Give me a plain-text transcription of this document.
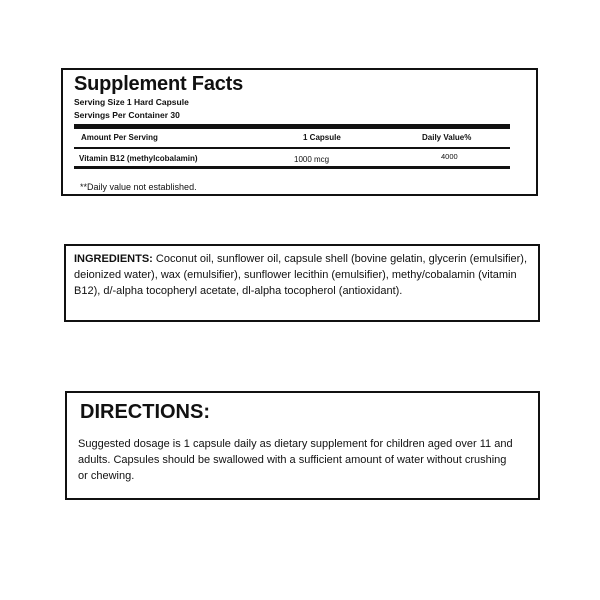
Supplement Facts
Serving Size 1 Hard Capsule
Servings Per Container 30
Amount Per Serving	1 Capsule	Daily Value%
Vitamin B12 (methylcobalamin)	1000 mcg	4000
**Daily value not established.
INGREDIENTS: Coconut oil, sunflower oil, capsule shell (bovine gelatin, glycerin (emulsifier), deionized water), wax (emulsifier), sunflower lecithin (emulsifier), methy/cobalamin (vitamin B12), d/-alpha tocopheryl acetate, dl-alpha tocopherol (antioxidant).
DIRECTIONS:
Suggested dosage is 1 capsule daily as dietary supplement for children aged over 11 and adults. Capsules should be swallowed with a sufficient amount of water without crushing or chewing.
